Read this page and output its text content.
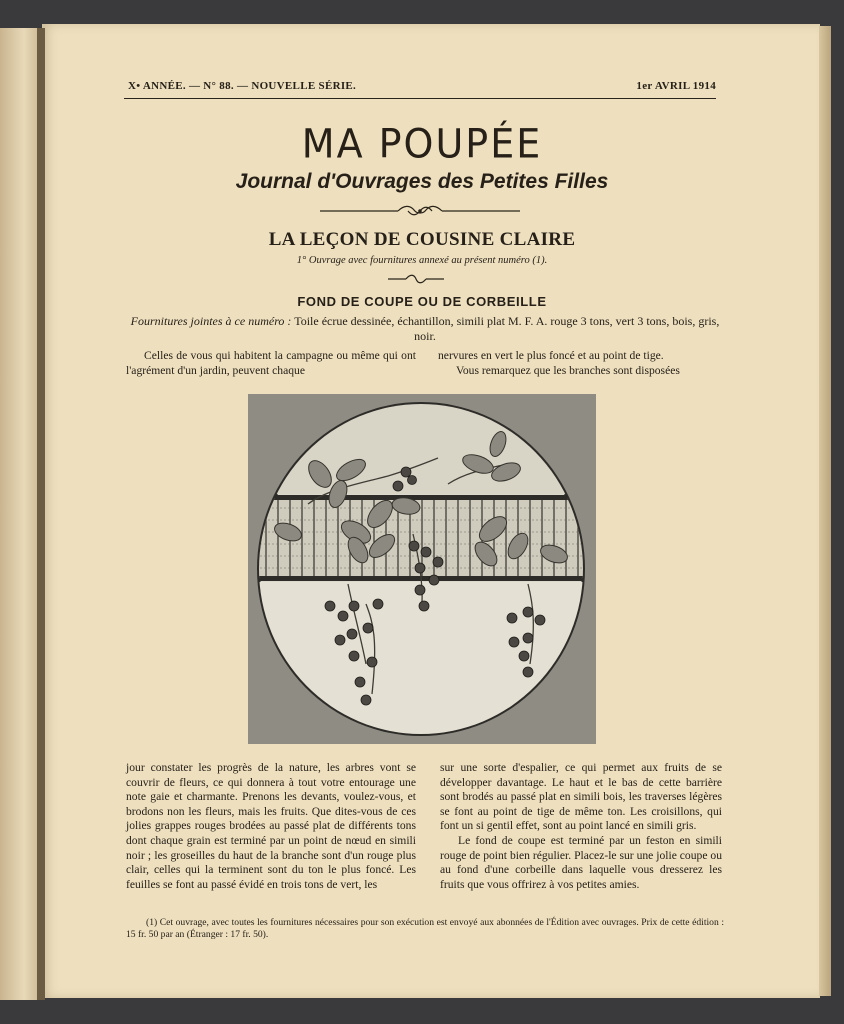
X• ANNÉE. — N° 88. — NOUVELLE SÉRIE.	1er AVRIL 1914
MA POUPÉE
Journal d'Ouvrages des Petites Filles
LA LEÇON DE COUSINE CLAIRE
1° Ouvrage avec fournitures annexé au présent numéro (1).
FOND DE COUPE OU DE CORBEILLE
Fournitures jointes à ce numéro : Toile écrue dessinée, échantillon, simili plat M. F. A. rouge 3 tons, vert 3 tons, bois, gris, noir.

Celles de vous qui habitent la campagne ou même qui ont l'agrément d'un jardin, peuvent chaque

nervures en vert le plus foncé et au point de tige.

Vous remarquez que les branches sont disposées

jour constater les progrès de la nature, les arbres vont se couvrir de fleurs, ce qui donnera à tout votre entourage une note gaie et charmante. Prenons les devants, voulez-vous, et brodons non les fleurs, mais les fruits. Que dites-vous de ces jolies grappes rouges brodées au passé plat de différents tons dont chaque grain est terminé par un point de nœud en simili noir ; les groseilles du haut de la branche sont d'un rouge plus clair, celles qui la terminent sont du ton le plus foncé. Les feuilles se font au passé évidé en trois tons de vert, les

sur une sorte d'espalier, ce qui permet aux fruits de se développer davantage. Le haut et le bas de cette barrière sont brodés au passé plat en simili bois, les traverses légères se font au point de tige de même ton. Les croisillons, qui font un si gentil effet, sont au point lancé en simili gris.

Le fond de coupe est terminé par un feston en simili rouge de point bien régulier. Placez-le sur une jolie coupe ou au fond d'une corbeille dans laquelle vous dresserez les fruits que vous offrirez à vos petites amies.

(1) Cet ouvrage, avec toutes les fournitures nécessaires pour son exécution est envoyé aux abonnées de l'Édition avec ouvrages. Prix de cette édition : 15 fr. 50 par an (Étranger : 17 fr. 50).
